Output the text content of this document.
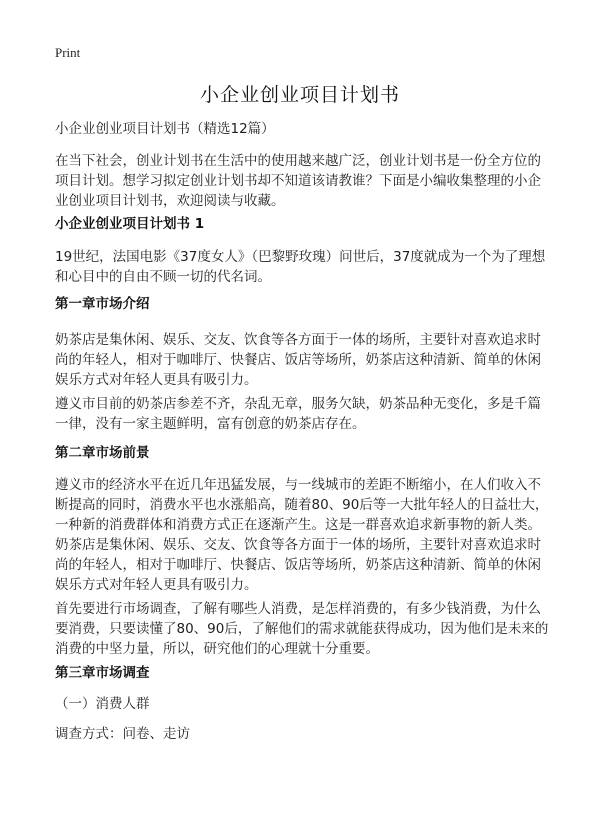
Print
小企业创业项目计划书
小企业创业项目计划书（精选12篇）
在当下社会，创业计划书在生活中的使用越来越广泛，创业计划书是一份全方位的项目计划。想学习拟定创业计划书却不知道该请教谁？下面是小编收集整理的小企业创业项目计划书，欢迎阅读与收藏。
小企业创业项目计划书 1
19世纪，法国电影《37度女人》（巴黎野玫瑰）问世后，37度就成为一个为了理想和心目中的自由不顾一切的代名词。
第一章市场介绍
奶茶店是集休闲、娱乐、交友、饮食等各方面于一体的场所，主要针对喜欢追求时尚的年轻人，相对于咖啡厅、快餐店、饭店等场所，奶茶店这种清新、简单的休闲娱乐方式对年轻人更具有吸引力。
遵义市目前的奶茶店参差不齐，杂乱无章，服务欠缺，奶茶品种无变化，多是千篇一律，没有一家主题鲜明，富有创意的奶茶店存在。
第二章市场前景
遵义市的经济水平在近几年迅猛发展，与一线城市的差距不断缩小，在人们收入不断提高的同时，消费水平也水涨船高，随着80、90后等一大批年轻人的日益壮大，一种新的消费群体和消费方式正在逐渐产生。这是一群喜欢追求新事物的新人类。奶茶店是集休闲、娱乐、交友、饮食等各方面于一体的场所，主要针对喜欢追求时尚的年轻人，相对于咖啡厅、快餐店、饭店等场所，奶茶店这种清新、简单的休闲娱乐方式对年轻人更具有吸引力。
首先要进行市场调查，了解有哪些人消费，是怎样消费的，有多少钱消费，为什么要消费，只要读懂了80、90后，了解他们的需求就能获得成功，因为他们是未来的消费的中坚力量，所以，研究他们的心理就十分重要。
第三章市场调查
（一）消费人群
调查方式：问卷、走访
